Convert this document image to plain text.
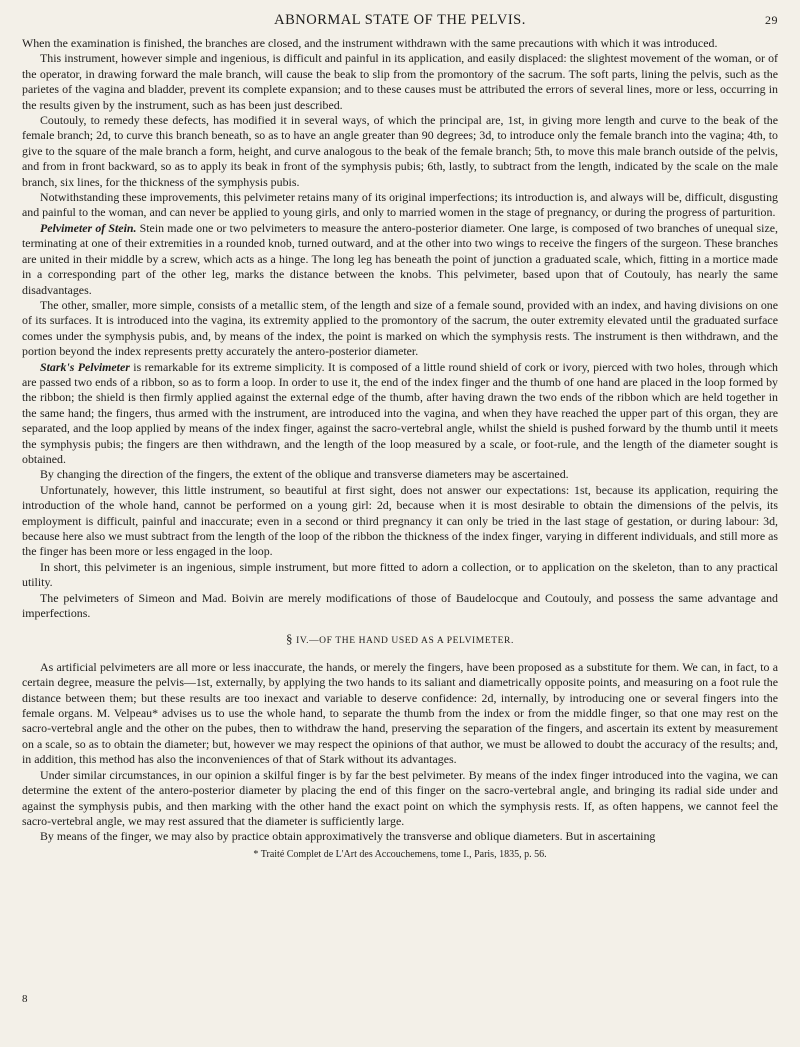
ABNORMAL STATE OF THE PELVIS.	29

When the examination is finished, the branches are closed, and the instrument withdrawn with the same precautions with which it was introduced.

This instrument, however simple and ingenious, is difficult and painful in its application, and easily displaced: the slightest movement of the woman, or of the operator, in drawing forward the male branch, will cause the beak to slip from the promontory of the sacrum. The soft parts, lining the pelvis, such as the parietes of the vagina and bladder, prevent its complete expansion; and to these causes must be attributed the errors of several lines, more or less, occurring in the results given by the instrument, such as has been just described.

Coutouly, to remedy these defects, has modified it in several ways, of which the principal are, 1st, in giving more length and curve to the beak of the female branch; 2d, to curve this branch beneath, so as to have an angle greater than 90 degrees; 3d, to introduce only the female branch into the vagina; 4th, to give to the square of the male branch a form, height, and curve analogous to the beak of the female branch; 5th, to move this male branch outside of the pelvis, and from in front backward, so as to apply its beak in front of the symphysis pubis; 6th, lastly, to subtract from the length, indicated by the scale on the male branch, six lines, for the thickness of the symphysis pubis.

Notwithstanding these improvements, this pelvimeter retains many of its original imperfections; its introduction is, and always will be, difficult, disgusting and painful to the woman, and can never be applied to young girls, and only to married women in the stage of pregnancy, or during the progress of parturition.

Pelvimeter of Stein. Stein made one or two pelvimeters to measure the antero-posterior diameter. One large, is composed of two branches of unequal size, terminating at one of their extremities in a rounded knob, turned outward, and at the other into two wings to receive the fingers of the surgeon. These branches are united in their middle by a screw, which acts as a hinge. The long leg has beneath the point of junction a graduated scale, which, fitting in a mortice made in a corresponding part of the other leg, marks the distance between the knobs. This pelvimeter, based upon that of Coutouly, has nearly the same disadvantages.

The other, smaller, more simple, consists of a metallic stem, of the length and size of a female sound, provided with an index, and having divisions on one of its surfaces. It is introduced into the vagina, its extremity applied to the promontory of the sacrum, the outer extremity elevated until the graduated surface comes under the symphysis pubis, and, by means of the index, the point is marked on which the symphysis rests. The instrument is then withdrawn, and the portion beyond the index represents pretty accurately the antero-posterior diameter.

Stark's Pelvimeter is remarkable for its extreme simplicity. It is composed of a little round shield of cork or ivory, pierced with two holes, through which are passed two ends of a ribbon, so as to form a loop. In order to use it, the end of the index finger and the thumb of one hand are placed in the loop formed by the ribbon; the shield is then firmly applied against the external edge of the thumb, after having drawn the two ends of the ribbon which are held together in the same hand; the fingers, thus armed with the instrument, are introduced into the vagina, and when they have reached the upper part of this organ, they are separated, and the loop applied by means of the index finger, against the sacro-vertebral angle, whilst the shield is pushed forward by the thumb until it meets the symphysis pubis; the fingers are then withdrawn, and the length of the loop measured by a scale, or foot-rule, and the length of the diameter sought is obtained.

By changing the direction of the fingers, the extent of the oblique and transverse diameters may be ascertained.

Unfortunately, however, this little instrument, so beautiful at first sight, does not answer our expectations: 1st, because its application, requiring the introduction of the whole hand, cannot be performed on a young girl: 2d, because when it is most desirable to obtain the dimensions of the pelvis, its employment is difficult, painful and inaccurate; even in a second or third pregnancy it can only be tried in the last stage of gestation, or during labour: 3d, because here also we must subtract from the length of the loop of the ribbon the thickness of the index finger, varying in different individuals, and still more as the finger has been more or less engaged in the loop.

In short, this pelvimeter is an ingenious, simple instrument, but more fitted to adorn a collection, or to application on the skeleton, than to any practical utility.

The pelvimeters of Simeon and Mad. Boivin are merely modifications of those of Baudelocque and Coutouly, and possess the same advantage and imperfections.

§ IV.—OF THE HAND USED AS A PELVIMETER.

As artificial pelvimeters are all more or less inaccurate, the hands, or merely the fingers, have been proposed as a substitute for them. We can, in fact, to a certain degree, measure the pelvis—1st, externally, by applying the two hands to its saliant and diametrically opposite points, and measuring on a foot rule the distance between them; but these results are too inexact and variable to deserve confidence: 2d, internally, by introducing one or several fingers into the female organs. M. Velpeau* advises us to use the whole hand, to separate the thumb from the index or from the middle finger, so that one may rest on the sacro-vertebral angle and the other on the pubes, then to withdraw the hand, preserving the separation of the fingers, and ascertain its extent by measurement on a scale, so as to obtain the diameter; but, however we may respect the opinions of that author, we must be allowed to doubt the accuracy of the results; and, in addition, this method has also the inconveniences of that of Stark without its advantages.

Under similar circumstances, in our opinion a skilful finger is by far the best pelvimeter. By means of the index finger introduced into the vagina, we can determine the extent of the antero-posterior diameter by placing the end of this finger on the sacro-vertebral angle, and bringing its radial side under and against the symphysis pubis, and then marking with the other hand the exact point on which the symphysis rests. If, as often happens, we cannot feel the sacro-vertebral angle, we may rest assured that the diameter is sufficiently large.

By means of the finger, we may also by practice obtain approximatively the transverse and oblique diameters. But in ascertaining

* Traité Complet de L'Art des Accouchemens, tome I., Paris, 1835, p. 56.
8
